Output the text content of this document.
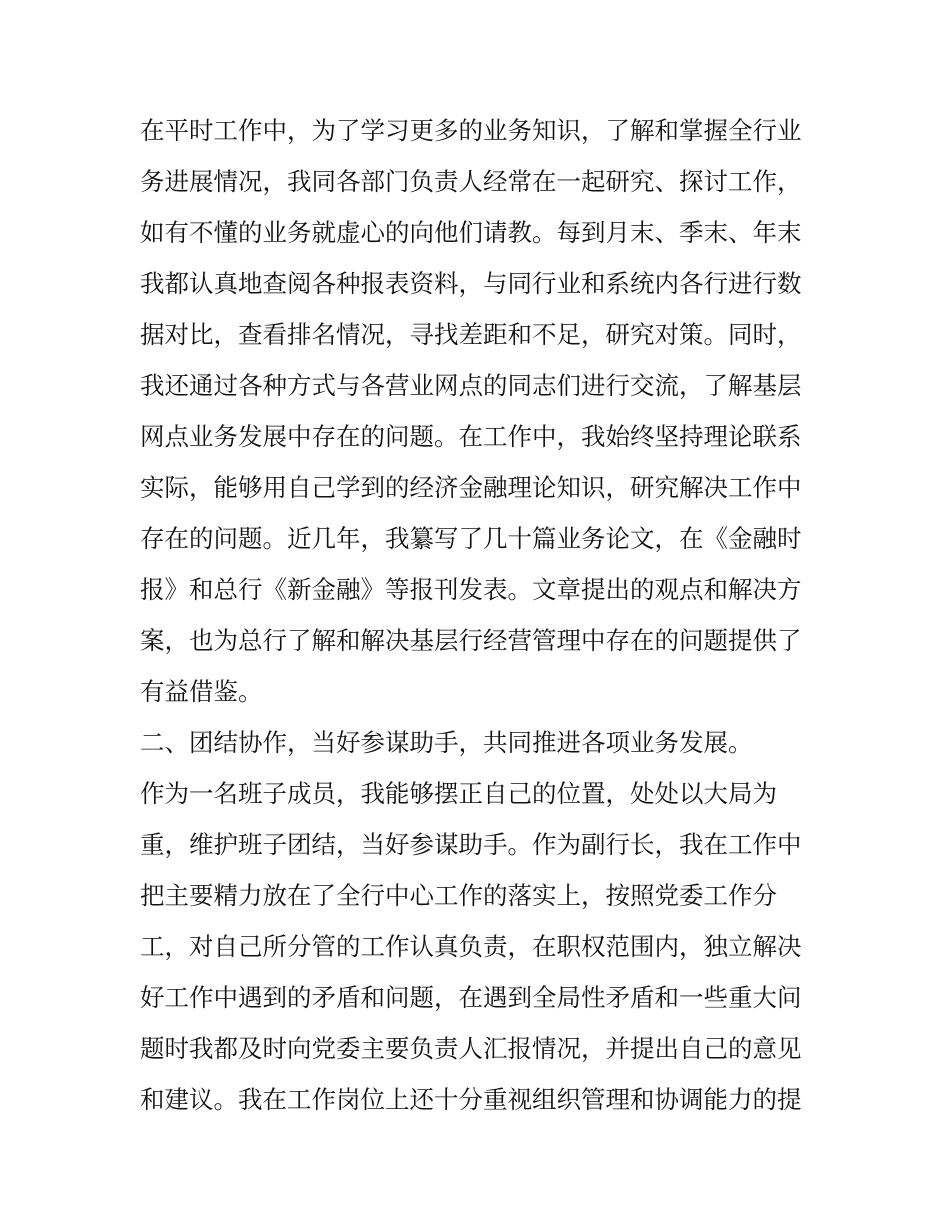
在平时工作中，为了学习更多的业务知识，了解和掌握全行业
务进展情况，我同各部门负责人经常在一起研究、探讨工作，
如有不懂的业务就虚心的向他们请教。每到月末、季末、年末
我都认真地查阅各种报表资料，与同行业和系统内各行进行数
据对比，查看排名情况，寻找差距和不足，研究对策。同时，
我还通过各种方式与各营业网点的同志们进行交流，了解基层
网点业务发展中存在的问题。在工作中，我始终坚持理论联系
实际，能够用自己学到的经济金融理论知识，研究解决工作中
存在的问题。近几年，我纂写了几十篇业务论文，在《金融时
报》和总行《新金融》等报刊发表。文章提出的观点和解决方
案，也为总行了解和解决基层行经营管理中存在的问题提供了
有益借鉴。
二、团结协作，当好参谋助手，共同推进各项业务发展。
作为一名班子成员，我能够摆正自己的位置，处处以大局为
重，维护班子团结，当好参谋助手。作为副行长，我在工作中
把主要精力放在了全行中心工作的落实上，按照党委工作分
工，对自己所分管的工作认真负责，在职权范围内，独立解决
好工作中遇到的矛盾和问题，在遇到全局性矛盾和一些重大问
题时我都及时向党委主要负责人汇报情况，并提出自己的意见
和建议。我在工作岗位上还十分重视组织管理和协调能力的提
